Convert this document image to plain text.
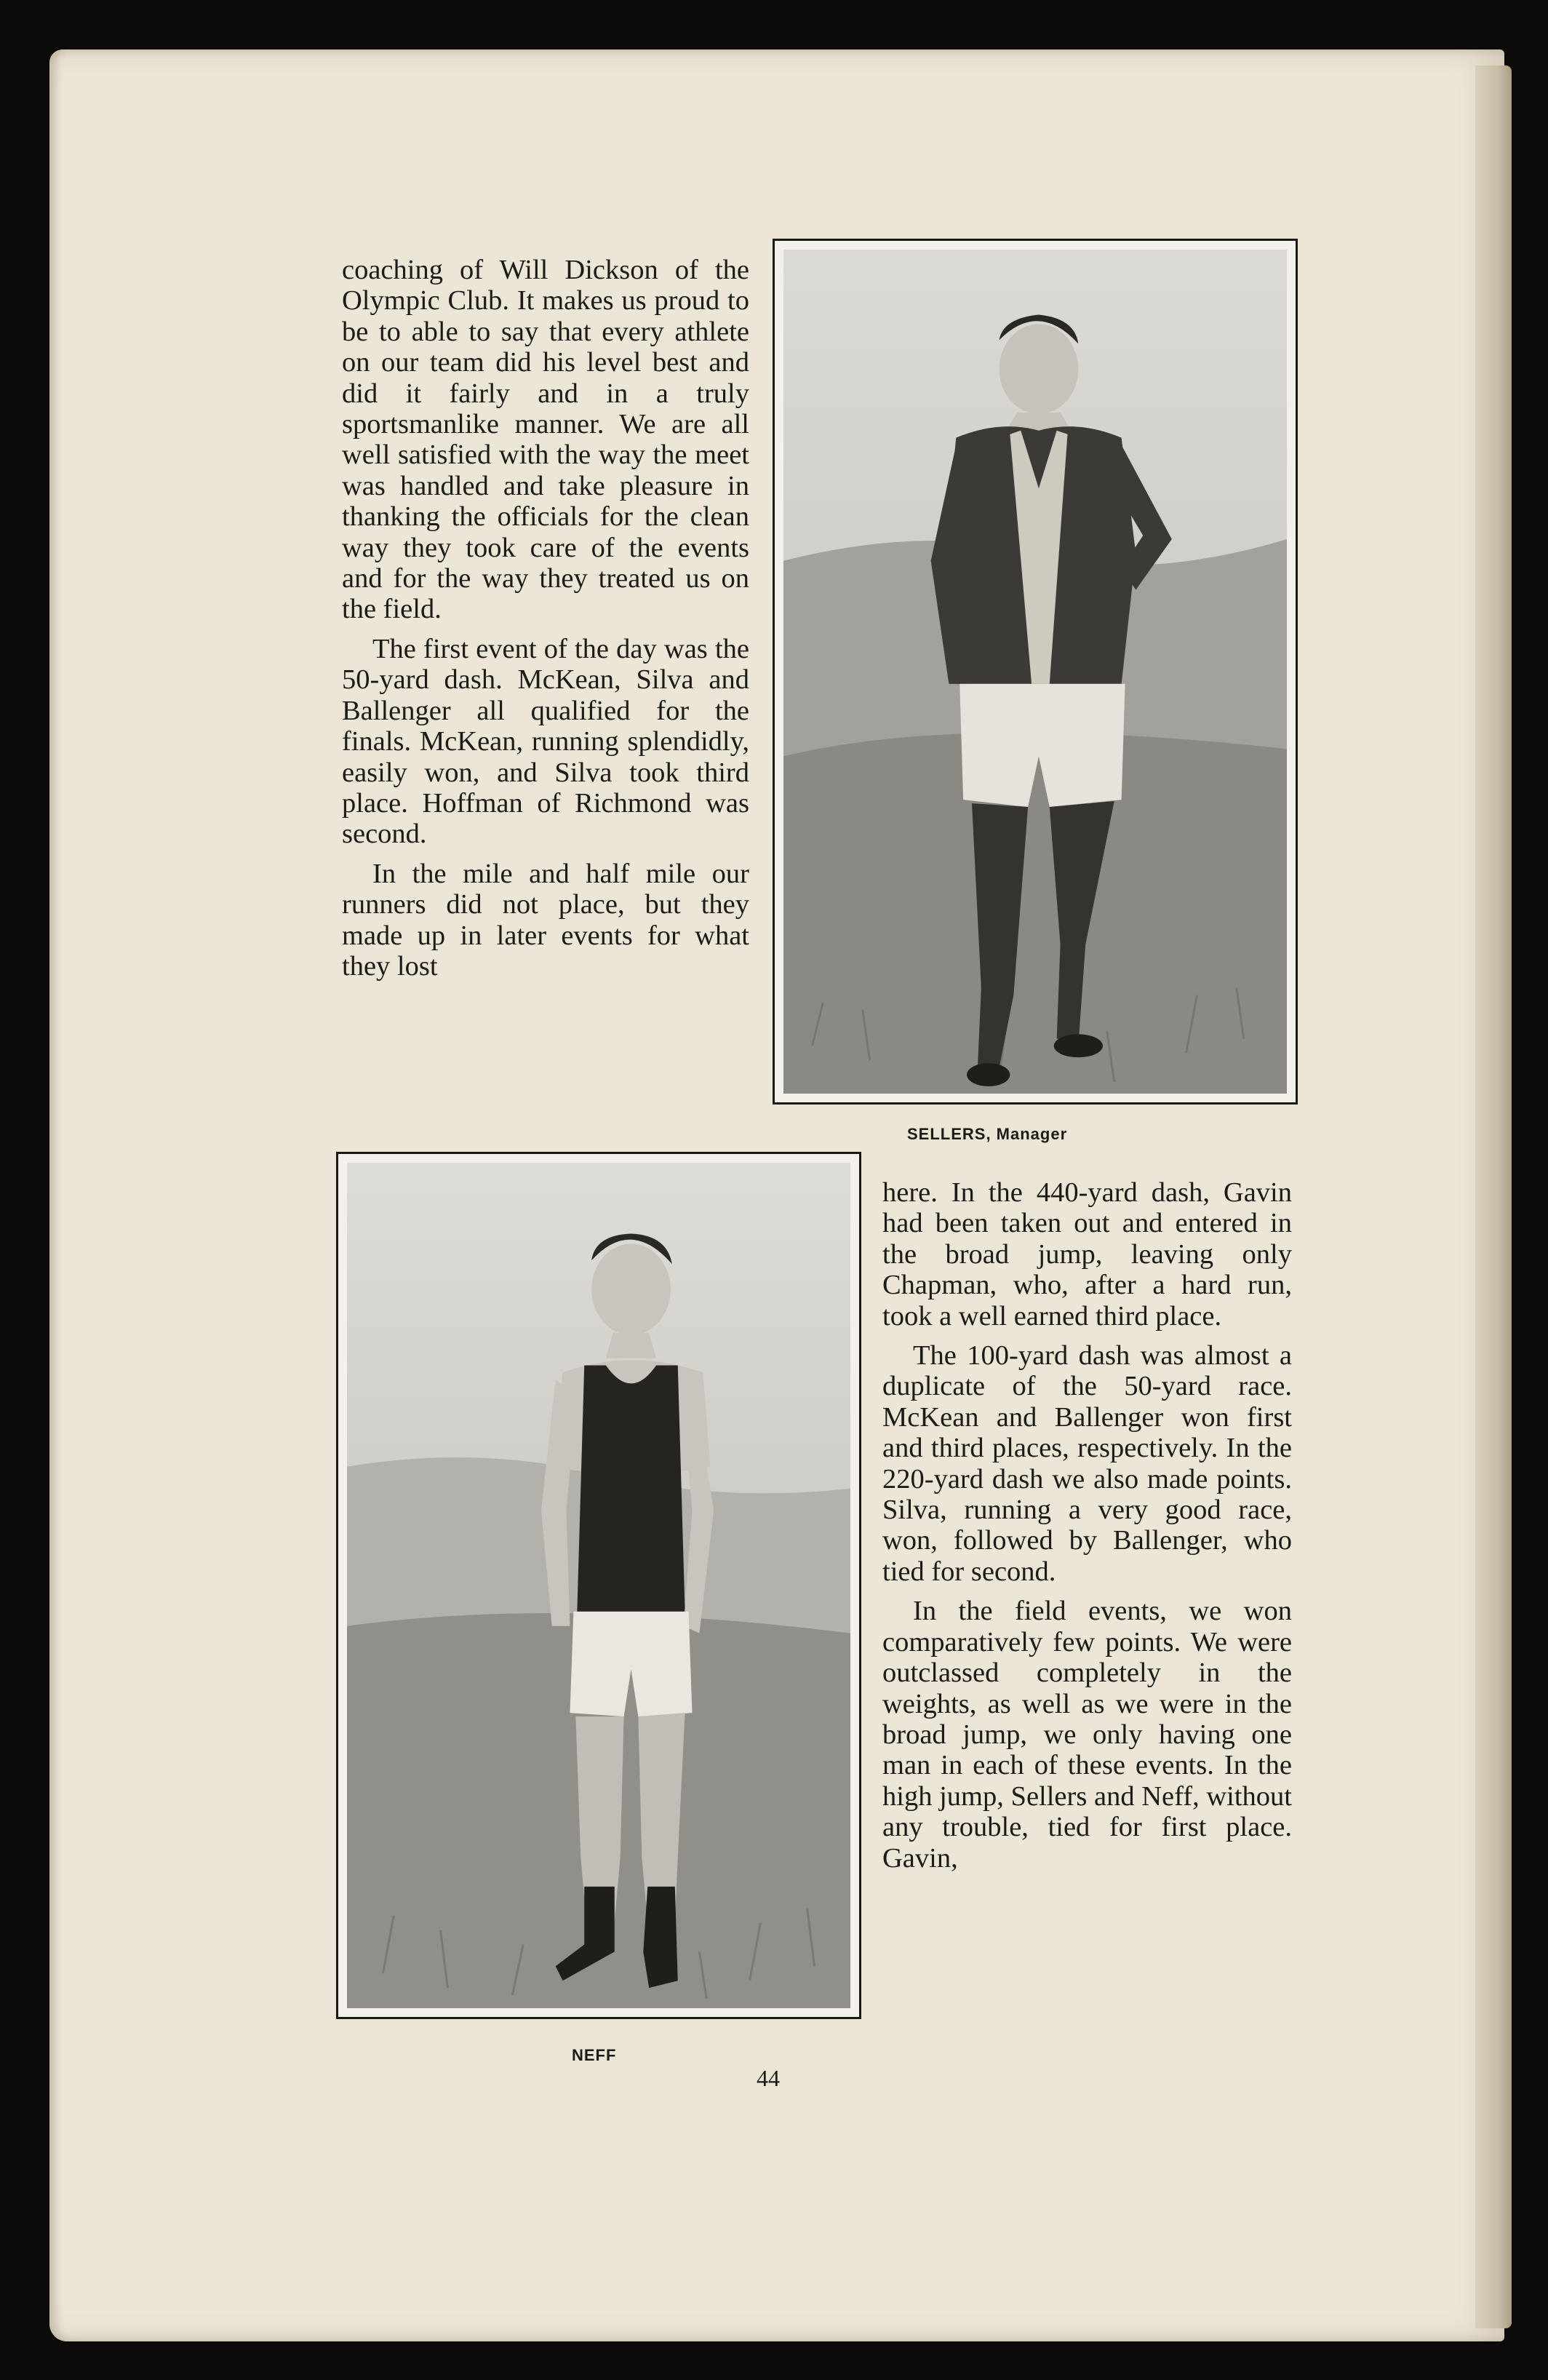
coaching of Will Dickson of the Olympic Club. It makes us proud to be to able to say that every athlete on our team did his level best and did it fairly and in a truly sportsmanlike manner. We are all well satisfied with the way the meet was handled and take pleasure in thanking the officials for the clean way they took care of the events and for the way they treated us on the field.

The first event of the day was the 50-yard dash. McKean, Silva and Ballenger all qualified for the finals. McKean, running splendidly, easily won, and Silva took third place. Hoffman of Richmond was second.

In the mile and half mile our runners did not place, but they made up in later events for what they lost

SELLERS, Manager
NEFF

here. In the 440-yard dash, Gavin had been taken out and entered in the broad jump, leaving only Chapman, who, after a hard run, took a well earned third place.

The 100-yard dash was almost a duplicate of the 50-yard race. McKean and Ballenger won first and third places, respectively. In the 220-yard dash we also made points. Silva, running a very good race, won, followed by Ballenger, who tied for second.

In the field events, we won comparatively few points. We were outclassed completely in the weights, as well as we were in the broad jump, we only having one man in each of these events. In the high jump, Sellers and Neff, without any trouble, tied for first place. Gavin,

44
